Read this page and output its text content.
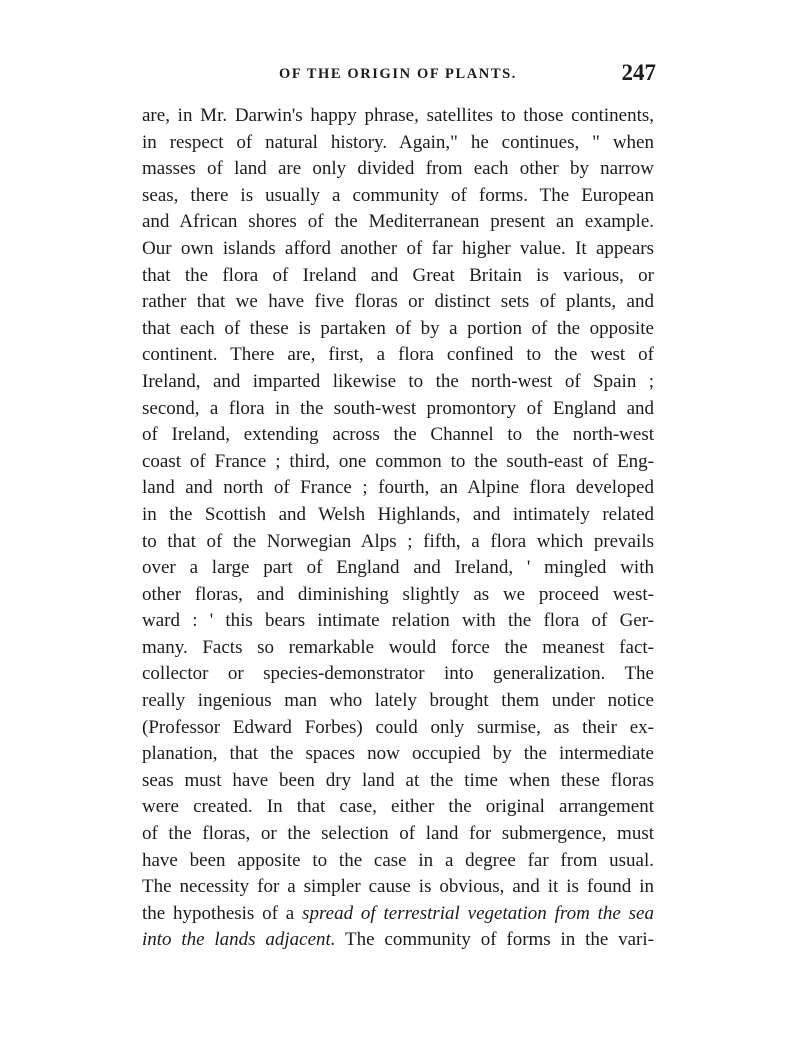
OF THE ORIGIN OF PLANTS.	247
are, in Mr. Darwin's happy phrase, satellites to those continents,
in respect of natural history. Again," he continues, " when
masses of land are only divided from each other by narrow
seas, there is usually a community of forms. The European
and African shores of the Mediterranean present an example.
Our own islands afford another of far higher value. It appears
that the flora of Ireland and Great Britain is various, or
rather that we have five floras or distinct sets of plants, and
that each of these is partaken of by a portion of the opposite
continent. There are, first, a flora confined to the west of
Ireland, and imparted likewise to the north-west of Spain ;
second, a flora in the south-west promontory of England and
of Ireland, extending across the Channel to the north-west
coast of France ; third, one common to the south-east of Eng-
land and north of France ; fourth, an Alpine flora developed
in the Scottish and Welsh Highlands, and intimately related
to that of the Norwegian Alps ; fifth, a flora which prevails
over a large part of England and Ireland, ' mingled with
other floras, and diminishing slightly as we proceed west-
ward : ' this bears intimate relation with the flora of Ger-
many. Facts so remarkable would force the meanest fact-
collector or species-demonstrator into generalization. The
really ingenious man who lately brought them under notice
(Professor Edward Forbes) could only surmise, as their ex-
planation, that the spaces now occupied by the intermediate
seas must have been dry land at the time when these floras
were created. In that case, either the original arrangement
of the floras, or the selection of land for submergence, must
have been apposite to the case in a degree far from usual.
The necessity for a simpler cause is obvious, and it is found in
the hypothesis of a spread of terrestrial vegetation from the sea
into the lands adjacent. The community of forms in the vari-
